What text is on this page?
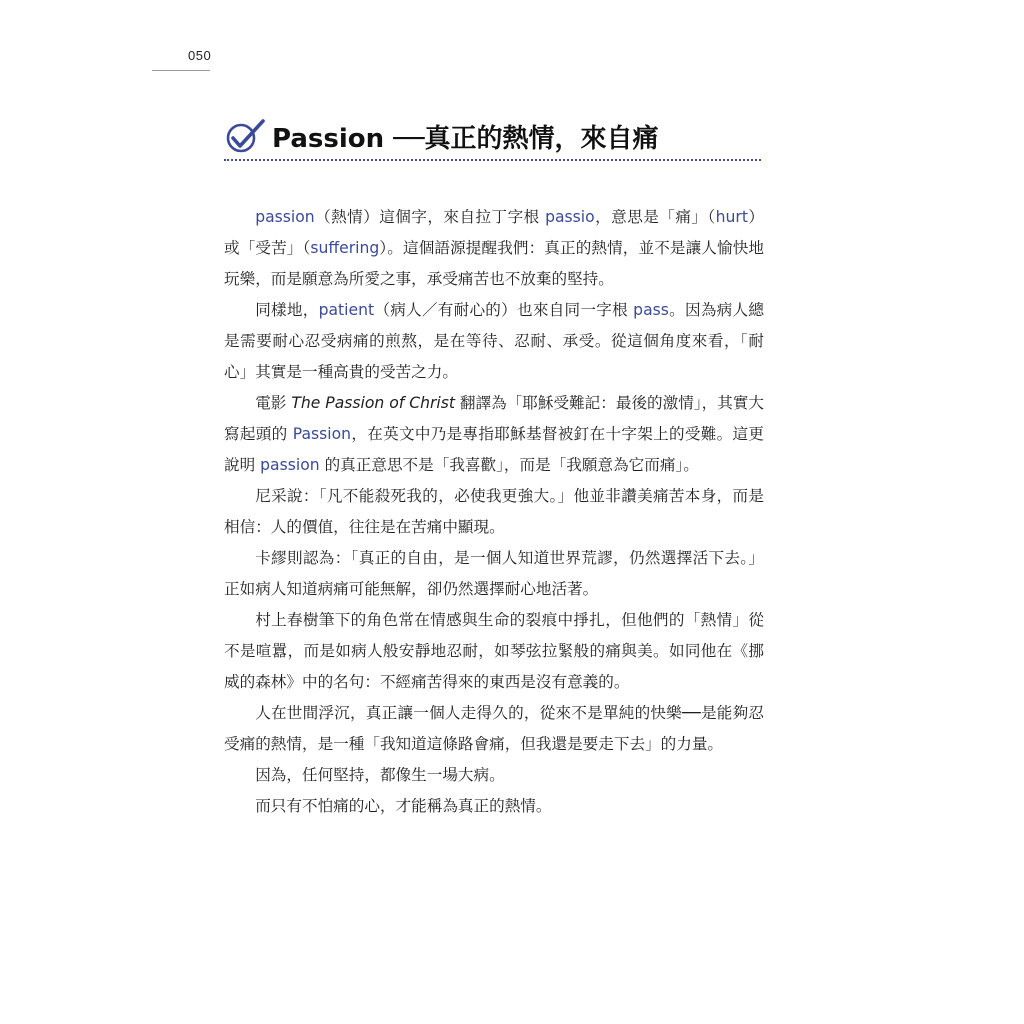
050
Passion ──真正的熱情，來自痛

passion（熱情）這個字，來自拉丁字根 passio，意思是「痛」（hurt）或「受苦」（suffering）。這個語源提醒我們：真正的熱情，並不是讓人愉快地玩樂，而是願意為所愛之事，承受痛苦也不放棄的堅持。

同樣地，patient（病人／有耐心的）也來自同一字根 pass。因為病人總是需要耐心忍受病痛的煎熬，是在等待、忍耐、承受。從這個角度來看，「耐心」其實是一種高貴的受苦之力。

電影 The Passion of Christ 翻譯為「耶穌受難記：最後的激情」，其實大寫起頭的 Passion，在英文中乃是專指耶穌基督被釘在十字架上的受難。這更說明 passion 的真正意思不是「我喜歡」，而是「我願意為它而痛」。

尼采說：「凡不能殺死我的，必使我更強大。」他並非讚美痛苦本身，而是相信：人的價值，往往是在苦痛中顯現。

卡繆則認為：「真正的自由，是一個人知道世界荒謬，仍然選擇活下去。」正如病人知道病痛可能無解，卻仍然選擇耐心地活著。

村上春樹筆下的角色常在情感與生命的裂痕中掙扎，但他們的「熱情」從不是喧囂，而是如病人般安靜地忍耐，如琴弦拉緊般的痛與美。如同他在《挪威的森林》中的名句：不經痛苦得來的東西是沒有意義的。

人在世間浮沉，真正讓一個人走得久的，從來不是單純的快樂──是能夠忍受痛的熱情，是一種「我知道這條路會痛，但我還是要走下去」的力量。

因為，任何堅持，都像生一場大病。

而只有不怕痛的心，才能稱為真正的熱情。
